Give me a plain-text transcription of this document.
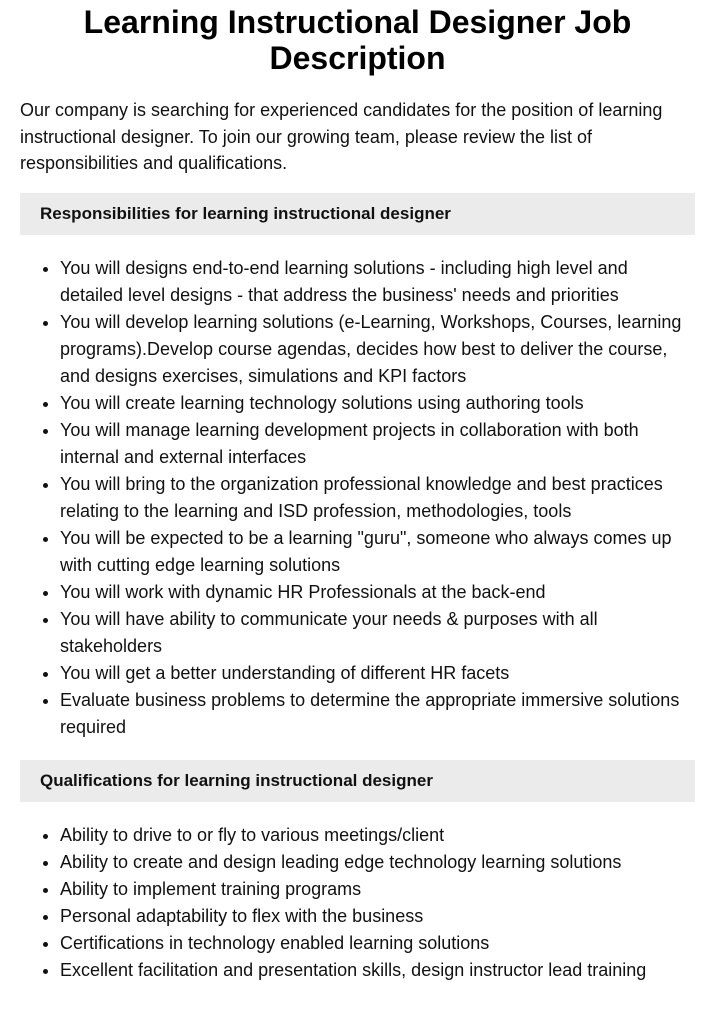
Learning Instructional Designer Job Description

Our company is searching for experienced candidates for the position of learning instructional designer. To join our growing team, please review the list of responsibilities and qualifications.

Responsibilities for learning instructional designer
• You will designs end-to-end learning solutions - including high level and detailed level designs - that address the business' needs and priorities
• You will develop learning solutions (e-Learning, Workshops, Courses, learning programs).Develop course agendas, decides how best to deliver the course, and designs exercises, simulations and KPI factors
• You will create learning technology solutions using authoring tools
• You will manage learning development projects in collaboration with both internal and external interfaces
• You will bring to the organization professional knowledge and best practices relating to the learning and ISD profession, methodologies, tools
• You will be expected to be a learning "guru", someone who always comes up with cutting edge learning solutions
• You will work with dynamic HR Professionals at the back-end
• You will have ability to communicate your needs & purposes with all stakeholders
• You will get a better understanding of different HR facets
• Evaluate business problems to determine the appropriate immersive solutions required
Qualifications for learning instructional designer
• Ability to drive to or fly to various meetings/client
• Ability to create and design leading edge technology learning solutions
• Ability to implement training programs
• Personal adaptability to flex with the business
• Certifications in technology enabled learning solutions
• Excellent facilitation and presentation skills, design instructor lead training
